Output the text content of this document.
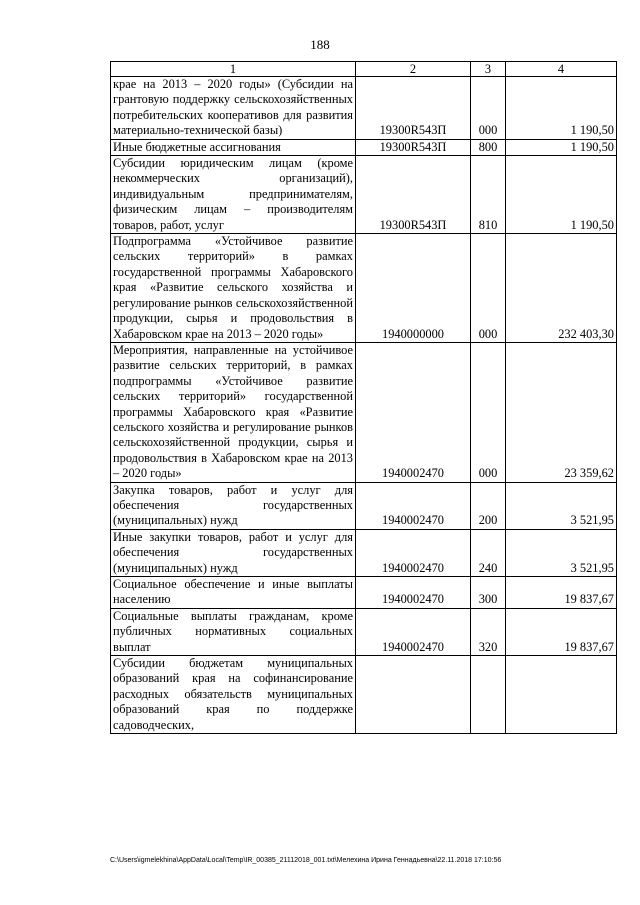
188
1	2	3	4
крае на 2013 – 2020 годы» (Субсидии на грантовую поддержку сельскохозяйственных потребительских кооперативов для развития материально-технической базы)	19300R543П	000	1 190,50
Иные бюджетные ассигнования	19300R543П	800	1 190,50
Субсидии юридическим лицам (кроме некоммерческих организаций), индивидуальным предпринимателям, физическим лицам – производителям товаров, работ, услуг	19300R543П	810	1 190,50
Подпрограмма «Устойчивое развитие сельских территорий» в рамках государственной программы Хабаровского края «Развитие сельского хозяйства и регулирование рынков сельскохозяйственной продукции, сырья и продовольствия в Хабаровском крае на 2013 – 2020 годы»	1940000000	000	232 403,30
Мероприятия, направленные на устойчивое развитие сельских территорий, в рамках подпрограммы «Устойчивое развитие сельских территорий» государственной программы Хабаровского края «Развитие сельского хозяйства и регулирование рынков сельскохозяйственной продукции, сырья и продовольствия в Хабаровском крае на 2013 – 2020 годы»	1940002470	000	23 359,62
Закупка товаров, работ и услуг для обеспечения государственных (муниципальных) нужд	1940002470	200	3 521,95
Иные закупки товаров, работ и услуг для обеспечения государственных (муниципальных) нужд	1940002470	240	3 521,95
Социальное обеспечение и иные выплаты населению	1940002470	300	19 837,67
Социальные выплаты гражданам, кроме публичных нормативных социальных выплат	1940002470	320	19 837,67
Субсидии бюджетам муниципальных образований края на софинансирование расходных обязательств муниципальных образований края по поддержке садоводческих,			
C:\Users\igmelekhina\AppData\Local\Temp\IR_00385_21112018_001.txt\Мелехина Ирина Геннадьевна\22.11.2018 17:10:56
